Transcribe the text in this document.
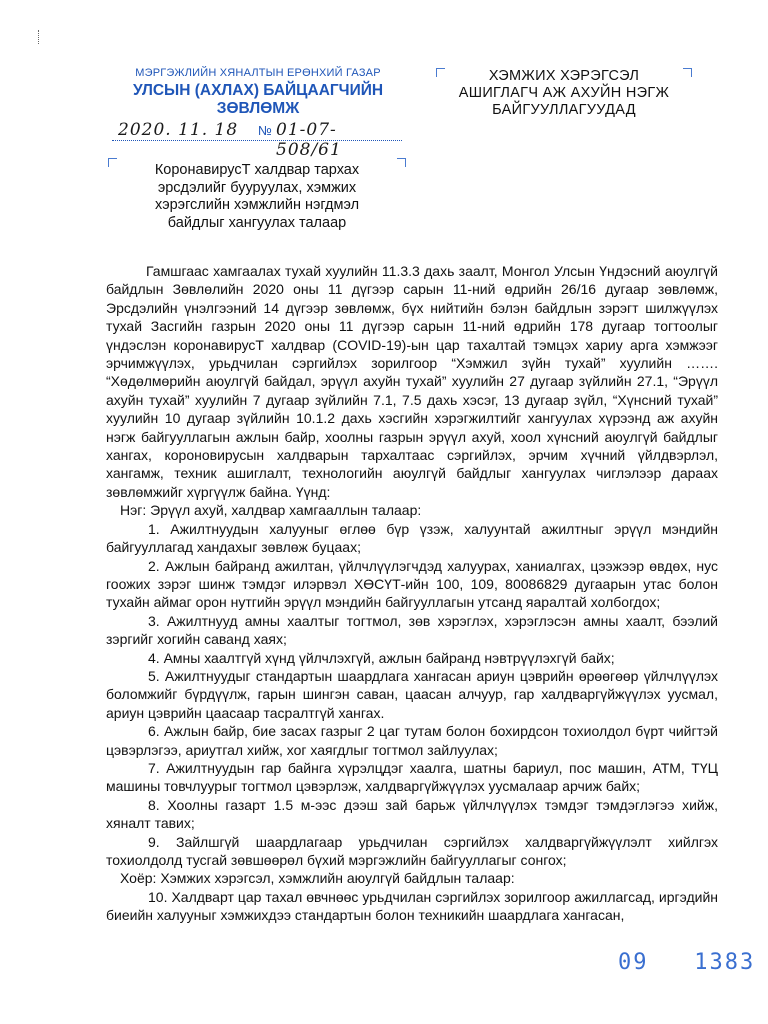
МЭРГЭЖЛИЙН ХЯНАЛТЫН ЕРӨНХИЙ ГАЗАР
УЛСЫН (АХЛАХ) БАЙЦААГЧИЙН
ЗӨВЛӨМЖ
2020. 11. 18 № 01-07-508/61
КоронавирусТ халдвар тархах
эрсдэлийг бууруулах, хэмжих
хэрэгслийн хэмжлийн нэгдмэл
байдлыг хангуулах талаар
ХЭМЖИХ ХЭРЭГСЭЛ
АШИГЛАГЧ АЖ АХУЙН НЭГЖ
БАЙГУУЛЛАГУУДАД

Гамшгаас хамгаалах тухай хуулийн 11.3.3 дахь заалт, Монгол Улсын Үндэсний аюулгүй байдлын Зөвлөлийн 2020 оны 11 дүгээр сарын 11-ний өдрийн 26/16 дугаар зөвлөмж, Эрсдэлийн үнэлгээний 14 дүгээр зөвлөмж, бүх нийтийн бэлэн байдлын зэрэгт шилжүүлэх тухай Засгийн газрын 2020 оны 11 дүгээр сарын 11-ний өдрийн 178 дугаар тогтоолыг үндэслэн коронавирусТ халдвар (COVID-19)-ын цар тахалтай тэмцэх хариу арга хэмжээг эрчимжүүлэх, урьдчилан сэргийлэх зорилгоор “Хэмжил зүйн тухай” хуулийн ……. “Хөдөлмөрийн аюулгүй байдал, эрүүл ахуйн тухай” хуулийн 27 дугаар зүйлийн 27.1, “Эрүүл ахуйн тухай” хуулийн 7 дугаар зүйлийн 7.1, 7.5 дахь хэсэг, 13 дугаар зүйл, “Хүнсний тухай” хуулийн 10 дугаар зүйлийн 10.1.2 дахь хэсгийн хэрэгжилтийг хангуулах хүрээнд аж ахуйн нэгж байгууллагын ажлын байр, хоолны газрын эрүүл ахуй, хоол хүнсний аюулгүй байдлыг хангах, короновирусын халдварын тархалтаас сэргийлэх, эрчим хүчний үйлдвэрлэл, хангамж, техник ашиглалт, технологийн аюулгүй байдлыг хангуулах чиглэлээр дараах зөвлөмжийг хүргүүлж байна. Үүнд:

Нэг: Эрүүл ахуй, халдвар хамгааллын талаар:

1. Ажилтнуудын халууныг өглөө бүр үзэж, халуунтай ажилтныг эрүүл мэндийн байгууллагад хандахыг зөвлөж буцаах;

2. Ажлын байранд ажилтан, үйлчлүүлэгчдэд халуурах, ханиалгах, цээжээр өвдөх, нус гоожих зэрэг шинж тэмдэг илэрвэл ХӨСҮТ-ийн 100, 109, 80086829 дугаарын утас болон тухайн аймаг орон нутгийн эрүүл мэндийн байгууллагын утсанд яаралтай холбогдох;

3. Ажилтнууд амны хаалтыг тогтмол, зөв хэрэглэх, хэрэглэсэн амны хаалт, бээлий зэргийг хогийн саванд хаях;

4. Амны хаалтгүй хүнд үйлчлэхгүй, ажлын байранд нэвтрүүлэхгүй байх;

5. Ажилтнуудыг стандартын шаардлага хангасан ариун цэврийн өрөөгөөр үйлчлүүлэх боломжийг бүрдүүлж, гарын шингэн саван, цаасан алчуур, гар халдваргүйжүүлэх уусмал, ариун цэврийн цаасаар тасралтгүй хангах.

6. Ажлын байр, бие засах газрыг 2 цаг тутам болон бохирдсон тохиолдол бүрт чийгтэй цэвэрлэгээ, ариутгал хийж, хог хаягдлыг тогтмол зайлуулах;

7. Ажилтнуудын гар байнга хүрэлцдэг хаалга, шатны бариул, пос машин, АТМ, ТҮЦ машины товчлуурыг тогтмол цэвэрлэж, халдваргүйжүүлэх уусмалаар арчиж байх;

8. Хоолны газарт 1.5 м-ээс дээш зай барьж үйлчлүүлэх тэмдэг тэмдэглэгээ хийж, хяналт тавих;

9. Зайлшгүй шаардлагаар урьдчилан сэргийлэх халдваргүйжүүлэлт хийлгэх тохиолдолд тусгай зөвшөөрөл бүхий мэргэжлийн байгууллагыг сонгох;

Хоёр: Хэмжих хэрэгсэл, хэмжлийн аюулгүй байдлын талаар:

10. Халдварт цар тахал өвчнөөс урьдчилан сэргийлэх зорилгоор ажиллагсад, иргэдийн биеийн халууныг хэмжихдээ стандартын болон техникийн шаардлага хангасан,

09   1383
